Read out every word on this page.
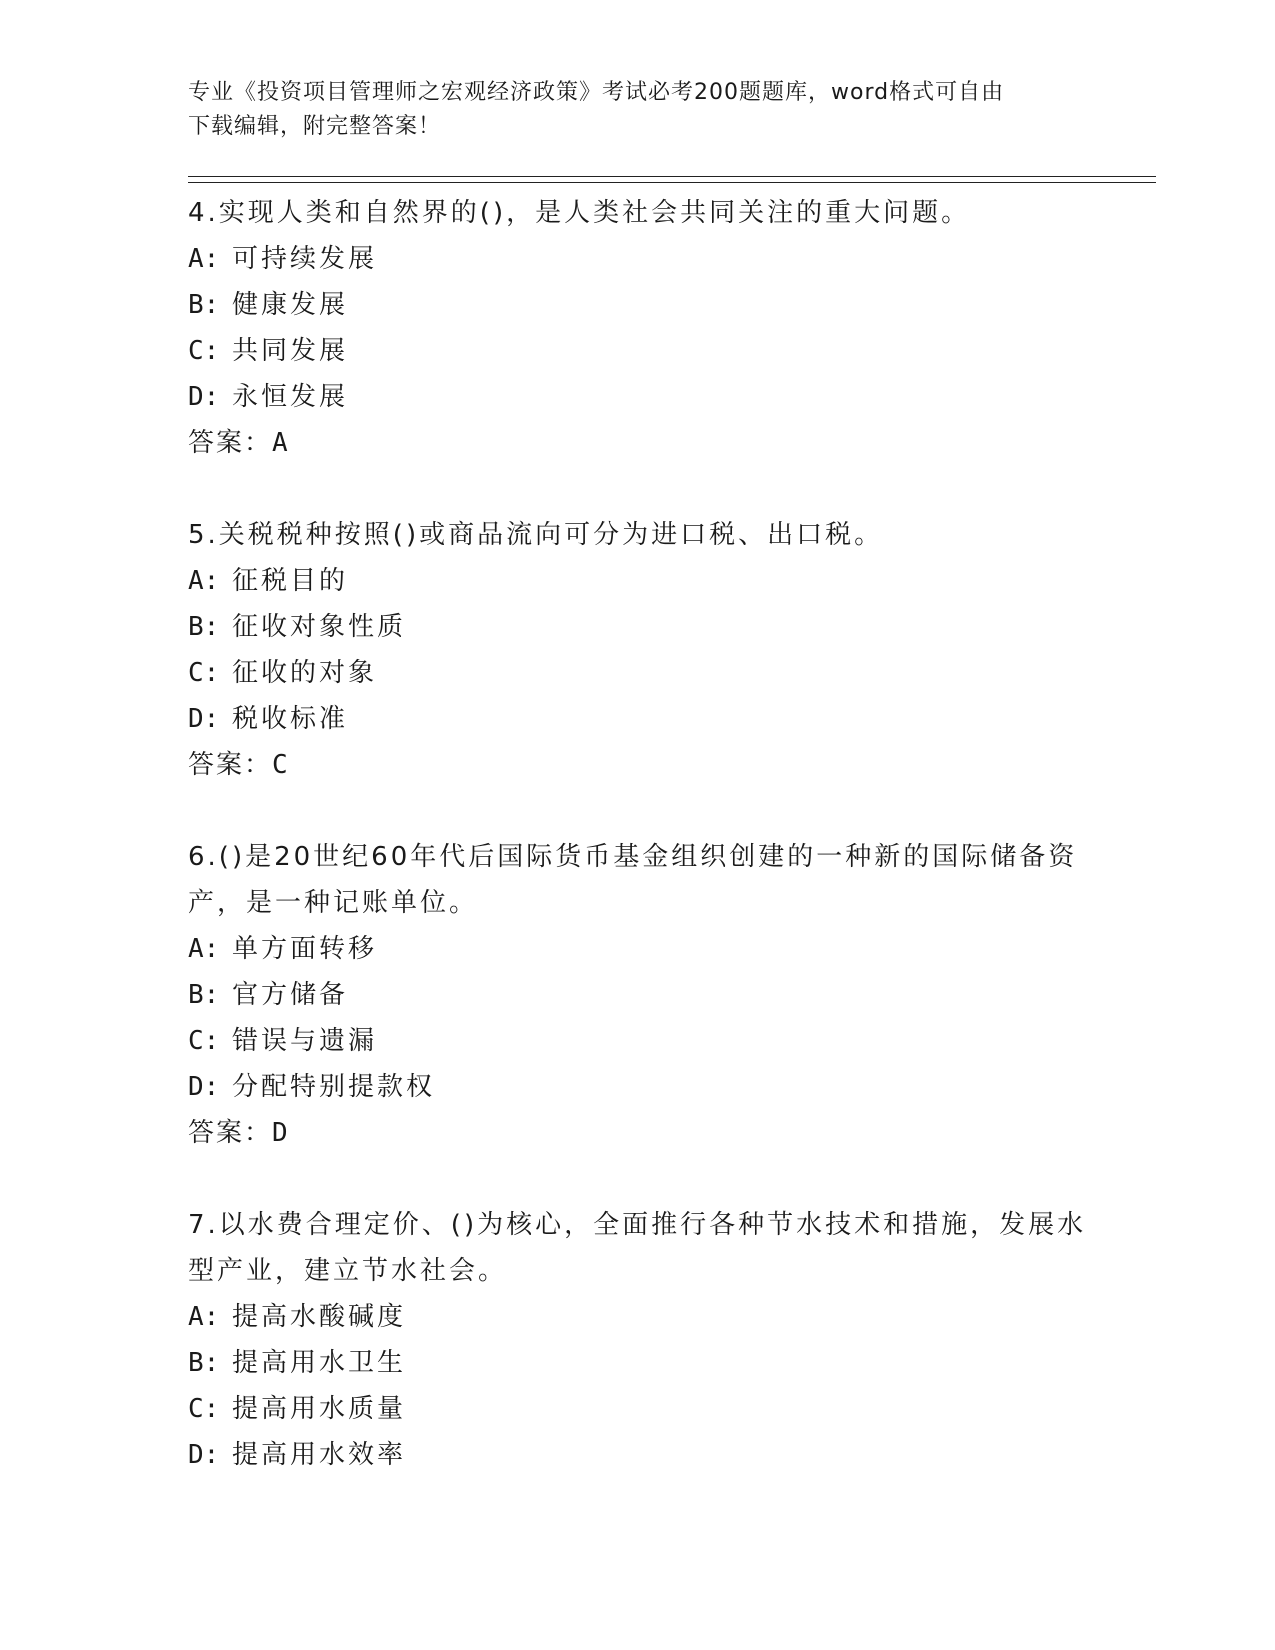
专业《投资项目管理师之宏观经济政策》考试必考200题题库，word格式可自由
下载编辑，附完整答案！

4.实现人类和自然界的()，是人类社会共同关注的重大问题。

A: 可持续发展

B: 健康发展

C: 共同发展

D: 永恒发展

答案：A

5.关税税种按照()或商品流向可分为进口税、出口税。

A: 征税目的

B: 征收对象性质

C: 征收的对象

D: 税收标准

答案：C

6.()是20世纪60年代后国际货币基金组织创建的一种新的国际储备资产，是一种记账单位。

A: 单方面转移

B: 官方储备

C: 错误与遗漏

D: 分配特别提款权

答案：D

7.以水费合理定价、()为核心，全面推行各种节水技术和措施，发展水型产业，建立节水社会。

A: 提高水酸碱度

B: 提高用水卫生

C: 提高用水质量

D: 提高用水效率
